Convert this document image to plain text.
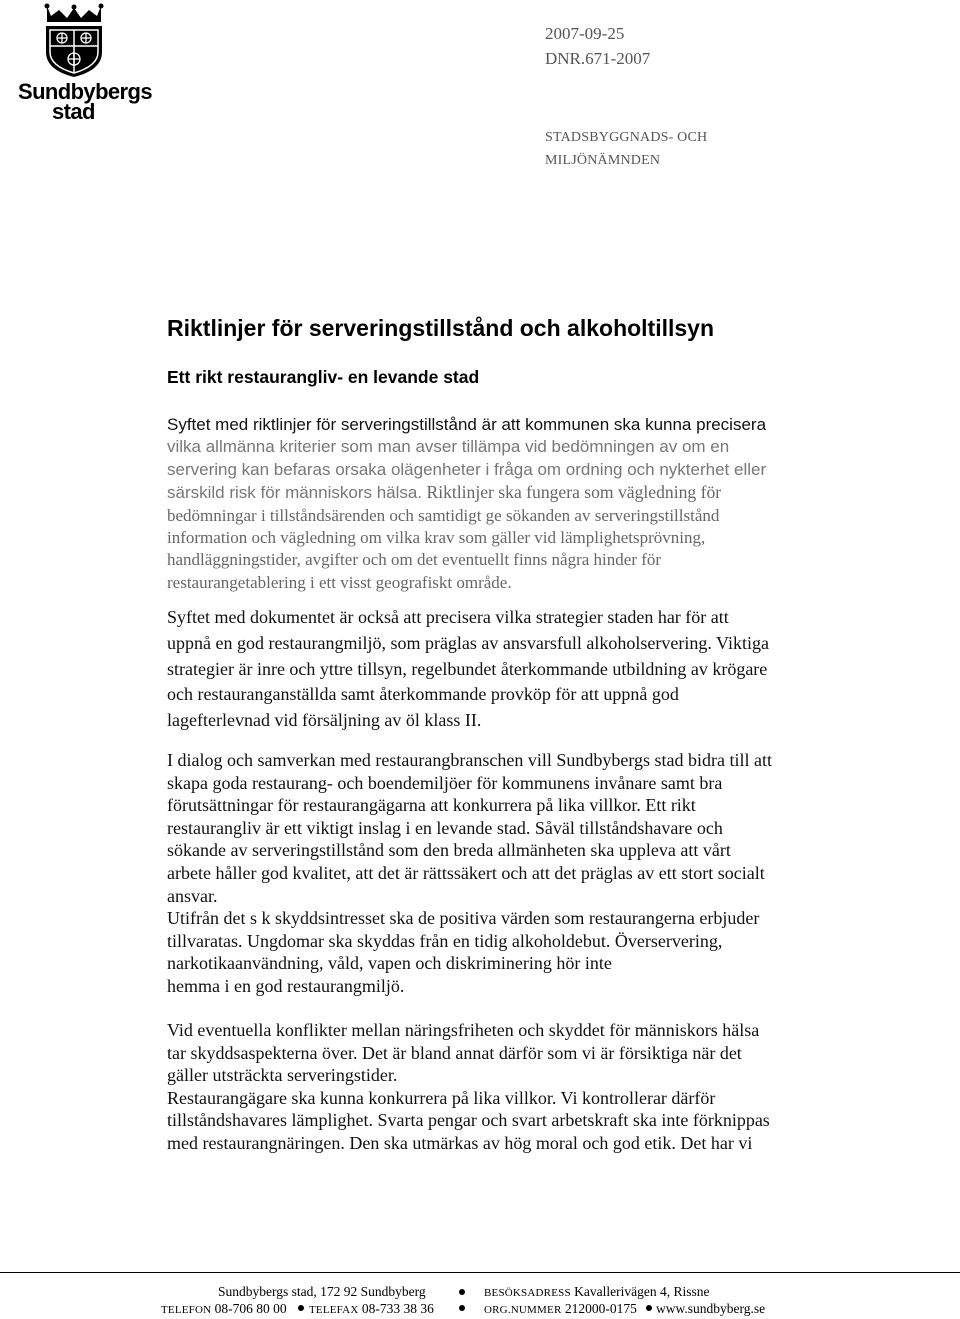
Sundbybergs
stad
2007-09-25
DNR.671-2007
STADSBYGGNADS- OCH
MILJÖNÄMNDEN
Riktlinjer för serveringstillstånd och alkoholtillsyn
Ett rikt restaurangliv- en levande stad
Syftet med riktlinjer för serveringstillstånd är att kommunen ska kunna precisera
vilka allmänna kriterier som man avser tillämpa vid bedömningen av om en
servering kan befaras orsaka olägenheter i fråga om ordning och nykterhet eller
särskild risk för människors hälsa. Riktlinjer ska fungera som vägledning för
bedömningar i tillståndsärenden och samtidigt ge sökanden av serveringstillstånd
information och vägledning om vilka krav som gäller vid lämplighetsprövning,
handläggningstider, avgifter och om det eventuellt finns några hinder för
restaurangetablering i ett visst geografiskt område.
Syftet med dokumentet är också att precisera vilka strategier staden har för att
uppnå en god restaurangmiljö, som präglas av ansvarsfull alkoholservering. Viktiga
strategier är inre och yttre tillsyn, regelbundet återkommande utbildning av krögare
och restauranganställda samt återkommande provköp för att uppnå god
lagefterlevnad vid försäljning av öl klass II.
I dialog och samverkan med restaurangbranschen vill Sundbybergs stad bidra till att
skapa goda restaurang- och boendemiljöer för kommunens invånare samt bra
förutsättningar för restaurangägarna att konkurrera på lika villkor. Ett rikt
restaurangliv är ett viktigt inslag i en levande stad. Såväl tillståndshavare och
sökande av serveringstillstånd som den breda allmänheten ska uppleva att vårt
arbete håller god kvalitet, att det är rättssäkert och att det präglas av ett stort socialt
ansvar.
Utifrån det s k skyddsintresset ska de positiva värden som restaurangerna erbjuder
tillvaratas. Ungdomar ska skyddas från en tidig alkoholdebut. Överservering,
narkotikaanvändning, våld, vapen och diskriminering hör inte
hemma i en god restaurangmiljö.
Vid eventuella konflikter mellan näringsfriheten och skyddet för människors hälsa
tar skyddsaspekterna över. Det är bland annat därför som vi är försiktiga när det
gäller utsträckta serveringstider.
Restaurangägare ska kunna konkurrera på lika villkor. Vi kontrollerar därför
tillståndshavares lämplighet. Svarta pengar och svart arbetskraft ska inte förknippas
med restaurangnäringen. Den ska utmärkas av hög moral och god etik. Det har vi
Sundbybergs stad, 172 92 Sundbyberg	BESÖKSADRESS Kavallerivägen 4, Rissne
TELEFON 08-706 80 00 TELEFAX 08-733 38 36	ORG.NUMMER 212000-0175 www.sundbyberg.se
